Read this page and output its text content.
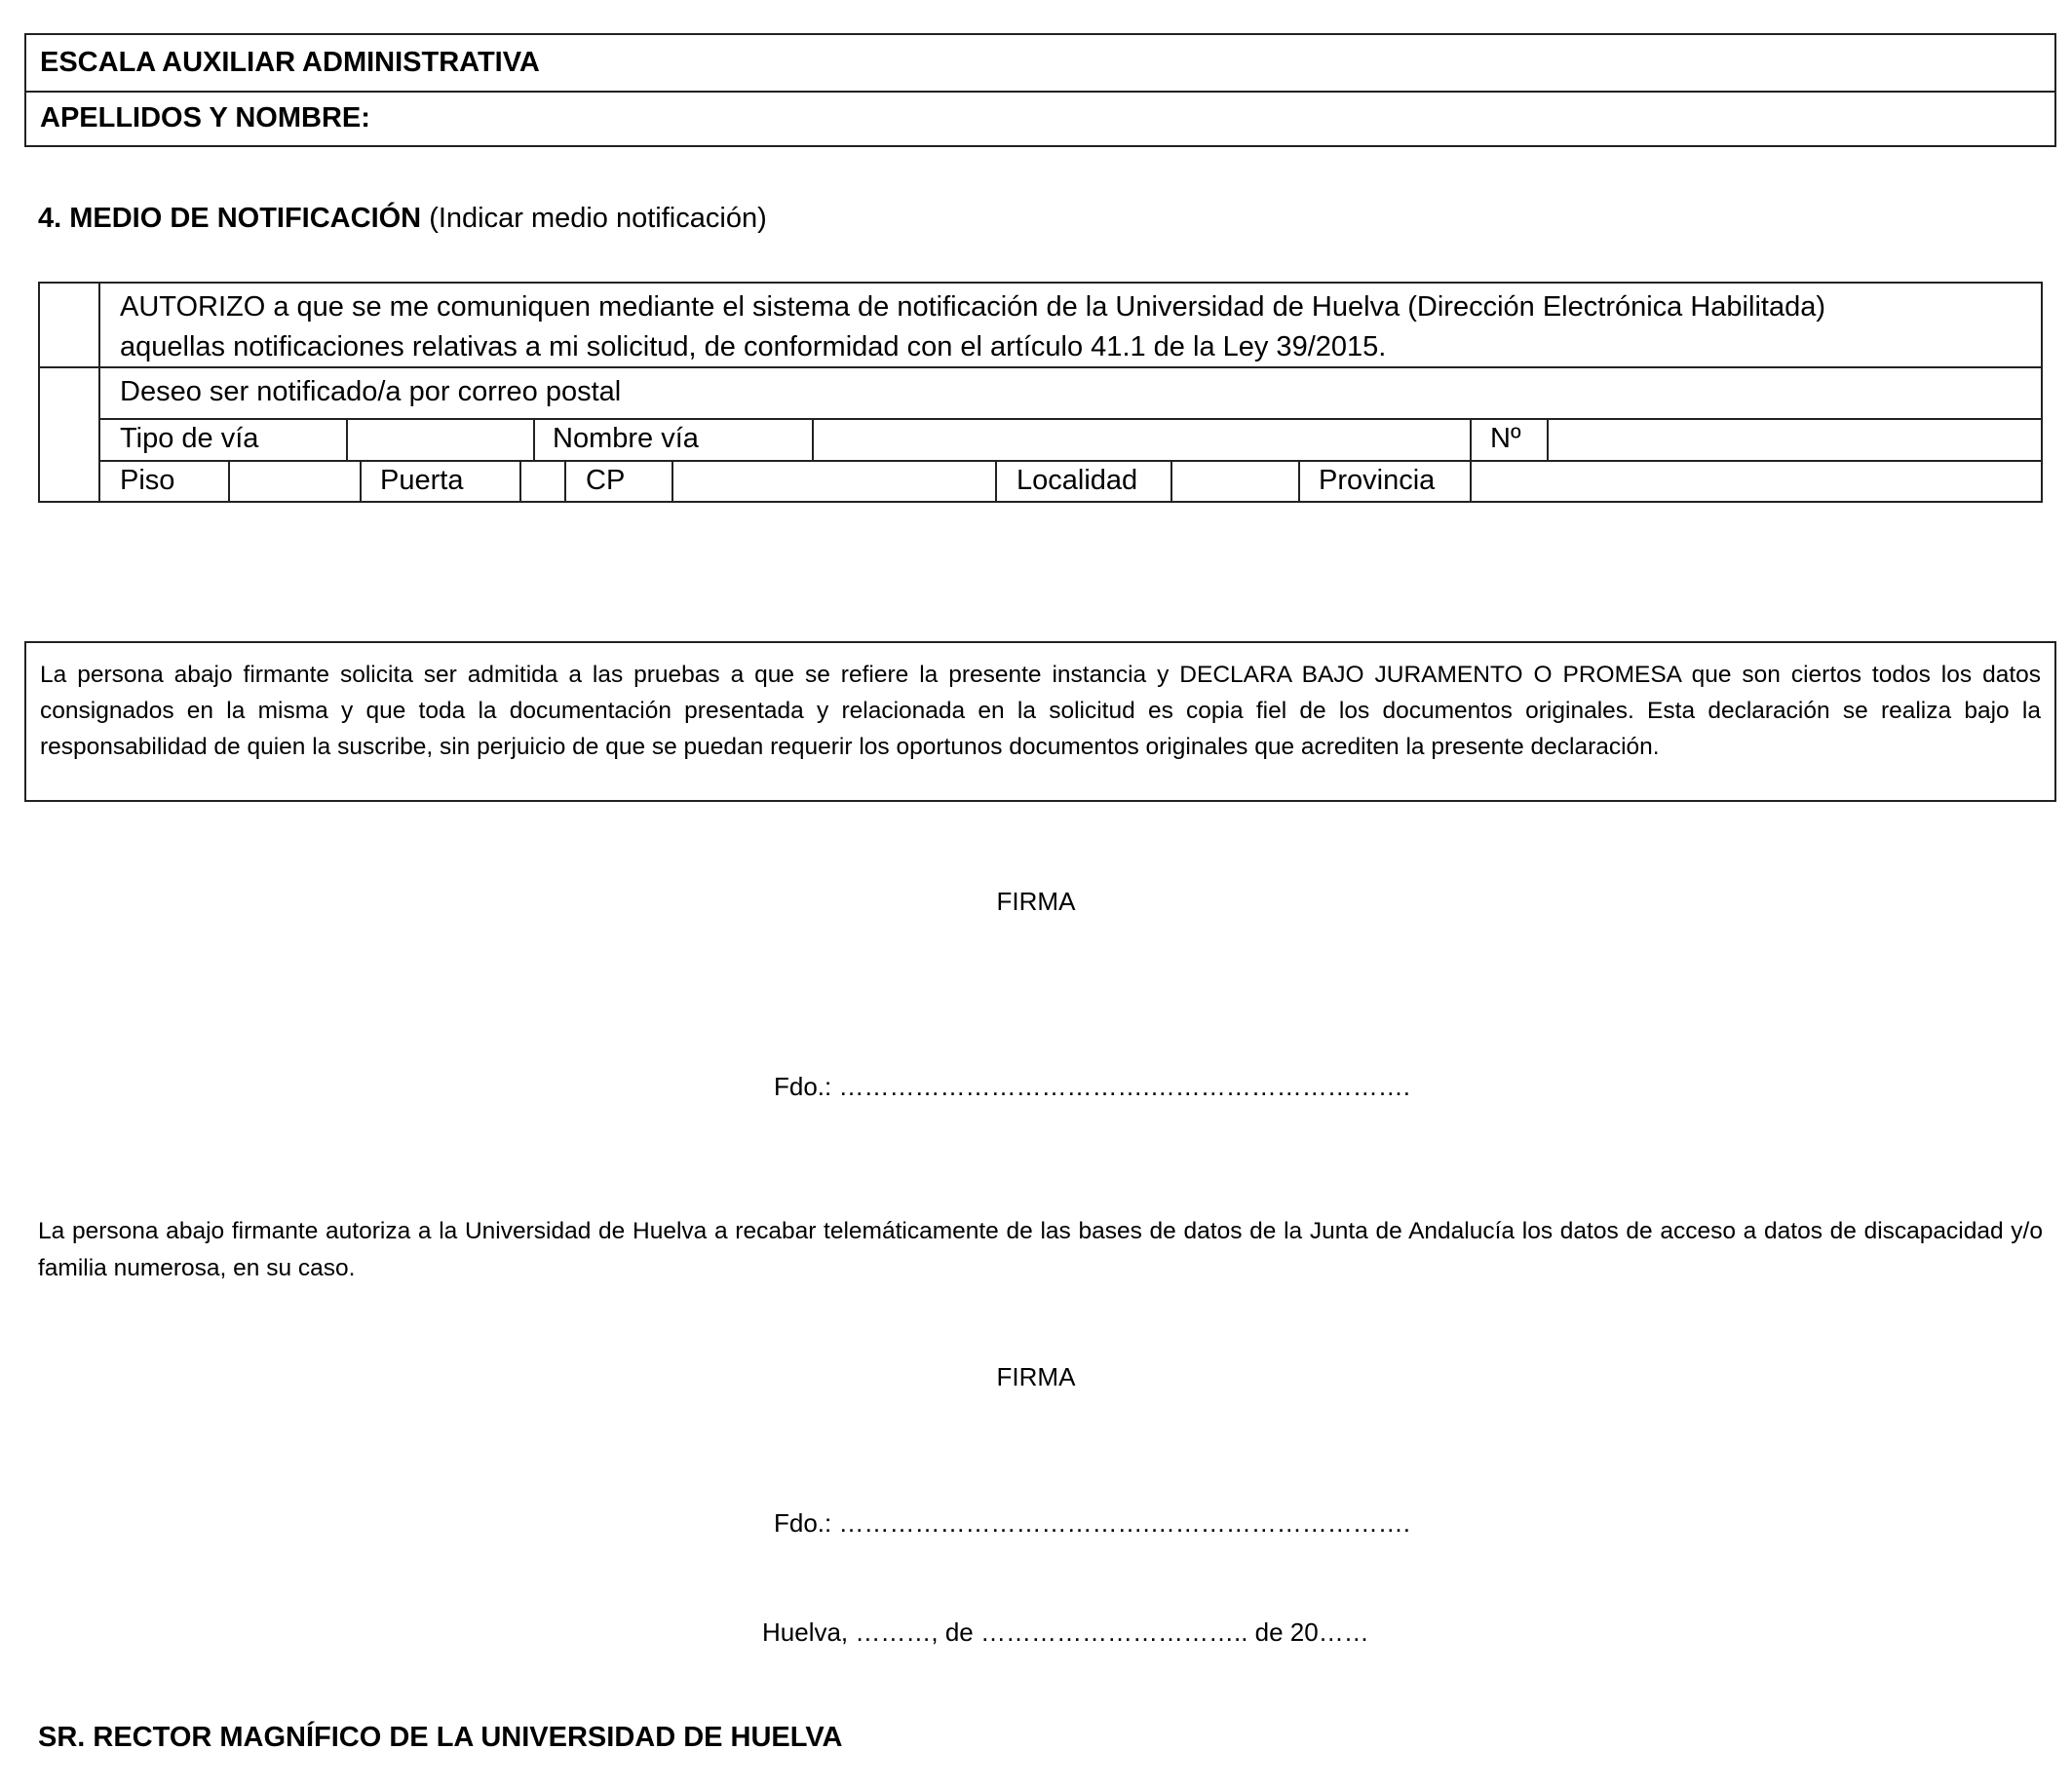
ESCALA AUXILIAR ADMINISTRATIVA
APELLIDOS Y NOMBRE:
4. MEDIO DE NOTIFICACIÓN (Indicar medio notificación)
AUTORIZO a que se me comuniquen mediante el sistema de notificación de la Universidad de Huelva (Dirección Electrónica Habilitada)
aquellas notificaciones relativas a mi solicitud, de conformidad con el artículo 41.1 de la Ley 39/2015.
Deseo ser notificado/a por correo postal
Tipo de vía	Nombre vía	Nº
Piso	Puerta	CP	Localidad	Provincia

La persona abajo firmante solicita ser admitida a las pruebas a que se refiere la presente instancia y DECLARA BAJO JURAMENTO O PROMESA que son ciertos todos los datos consignados en la misma y que toda la documentación presentada y relacionada en la solicitud es copia fiel de los documentos originales. Esta declaración se realiza bajo la responsabilidad de quien la suscribe, sin perjuicio de que se puedan requerir los oportunos documentos originales que acrediten la presente declaración.

FIRMA
Fdo.: ……………………………….………………………….

La persona abajo firmante autoriza a la Universidad de Huelva a recabar telemáticamente de las bases de datos de la Junta de Andalucía los datos de acceso a datos de discapacidad y/o familia numerosa, en su caso.

FIRMA
Fdo.: ……………………………….………………………….
Huelva, ………, de ………………………….. de 20……
SR. RECTOR MAGNÍFICO DE LA UNIVERSIDAD DE HUELVA
